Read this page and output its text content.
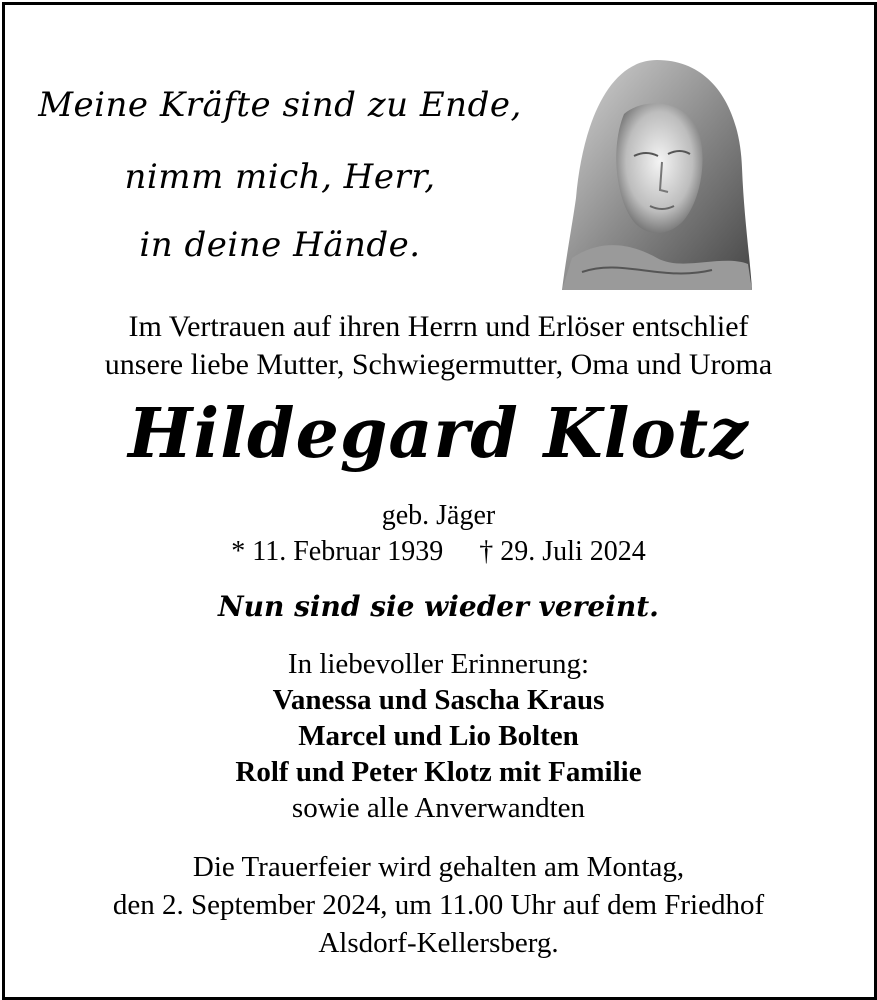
Meine Kräfte sind zu Ende,
nimm mich, Herr,
in deine Hände.
Im Vertrauen auf ihren Herrn und Erlöser entschlief
unsere liebe Mutter, Schwiegermutter, Oma und Uroma
Hildegard Klotz
geb. Jäger
* 11. Februar 1939 † 29. Juli 2024
Nun sind sie wieder vereint.
In liebevoller Erinnerung:
Vanessa und Sascha Kraus
Marcel und Lio Bolten
Rolf und Peter Klotz mit Familie
sowie alle Anverwandten
Die Trauerfeier wird gehalten am Montag,
den 2. September 2024, um 11.00 Uhr auf dem Friedhof
Alsdorf-Kellersberg.
